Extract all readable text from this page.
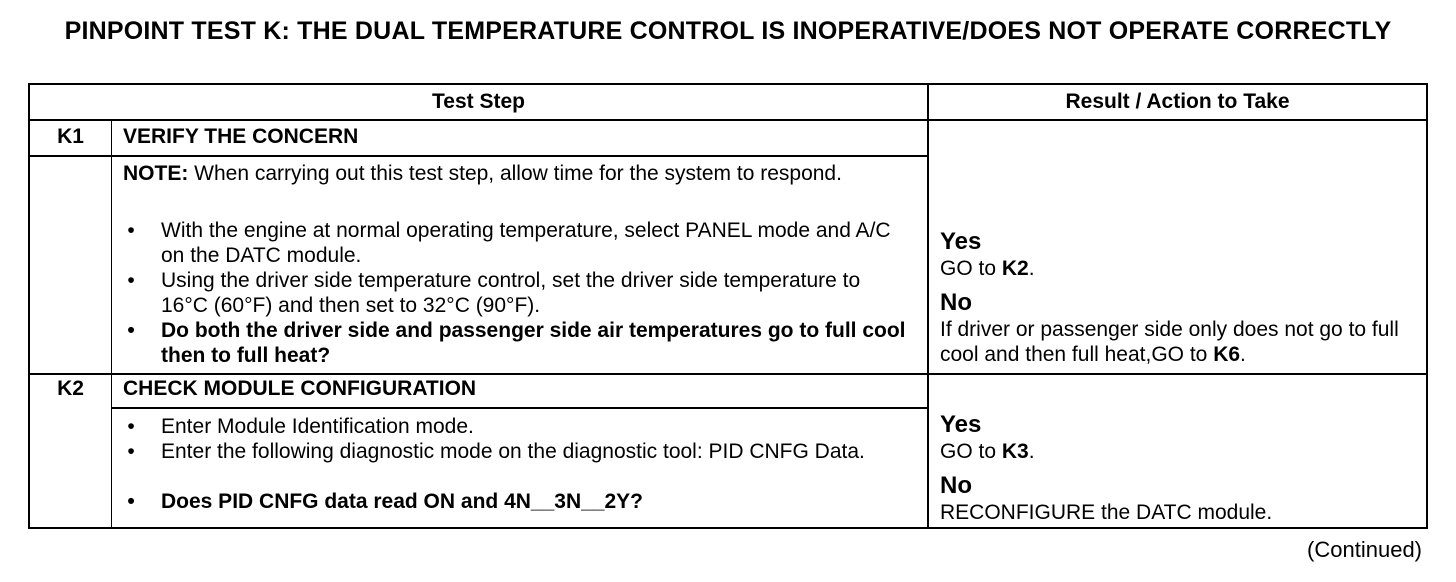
PINPOINT TEST K: THE DUAL TEMPERATURE CONTROL IS INOPERATIVE/DOES NOT OPERATE CORRECTLY
Test Step	Result / Action to Take
K1	VERIFY THE CONCERN
NOTE: When carrying out this test step, allow time for the system to respond.
•	With the engine at normal operating temperature, select PANEL mode and A/C on the DATC module.
•	Using the driver side temperature control, set the driver side temperature to 16°C (60°F) and then set to 32°C (90°F).
•	Do both the driver side and passenger side air temperatures go to full cool then to full heat?
Yes
GO to K2.
No
If driver or passenger side only does not go to full cool and then full heat,GO to K6.
K2	CHECK MODULE CONFIGURATION
•	Enter Module Identification mode.
•	Enter the following diagnostic mode on the diagnostic tool: PID CNFG Data.
•	Does PID CNFG data read ON and 4N__3N__2Y?
Yes
GO to K3.
No
RECONFIGURE the DATC module.
(Continued)
